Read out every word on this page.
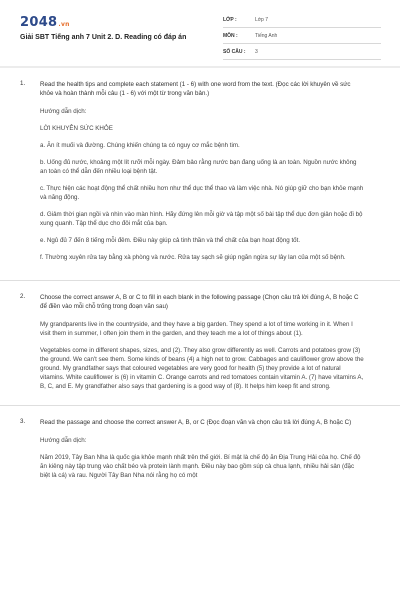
2048.vn
Giải SBT Tiếng anh 7 Unit 2. D. Reading có đáp án
LỚP :	Lớp 7
MÔN :	Tiếng Anh
SỐ CÂU :	3
1. Read the health tips and complete each statement (1 - 6) with one word from the text. (Đọc các lời khuyên về sức khỏe và hoàn thành mỗi câu (1 - 6) với một từ trong văn bản.)
Hướng dẫn dịch:
LỜI KHUYÊN SỨC KHỎE
a. Ăn ít muối và đường. Chúng khiến chúng ta có nguy cơ mắc bệnh tim.
b. Uống đủ nước, khoảng một lít rưỡi mỗi ngày. Đảm bảo rằng nước bạn đang uống là an toàn. Nguồn nước không an toàn có thể dẫn đến nhiều loại bệnh tật.
c. Thực hiện các hoạt động thể chất nhiều hơn như thể dục thể thao và làm việc nhà. Nó giúp giữ cho bạn khỏe mạnh và năng động.
d. Giảm thời gian ngồi và nhìn vào màn hình. Hãy đứng lên mỗi giờ và tập một số bài tập thể dục đơn giản hoặc đi bộ xung quanh. Tập thể dục cho đôi mắt của bạn.
e. Ngủ đủ 7 đến 8 tiếng mỗi đêm. Điều này giúp cả tinh thần và thể chất của bạn hoạt động tốt.
f. Thường xuyên rửa tay bằng xà phòng và nước. Rửa tay sạch sẽ giúp ngăn ngừa sự lây lan của một số bệnh.
2. Choose the correct answer A, B or C to fill in each blank in the following passage (Chọn câu trả lời đúng A, B hoặc C để điền vào mỗi chỗ trống trong đoạn văn sau)
My grandparents live in the countryside, and they have a big garden. They spend a lot of time working in it. When I visit them in summer, I often join them in the garden, and they teach me a lot of things about (1).
Vegetables come in different shapes, sizes, and (2). They also grow differently as well. Carrots and potatoes grow (3) the ground. We can't see them. Some kinds of beans (4) a high net to grow. Cabbages and cauliflower grow above the ground. My grandfather says that coloured vegetables are very good for health (5) they provide a lot of natural vitamins. White cauliflower is (6) in vitamin C. Orange carrots and red tomatoes contain vitamin A. (7) have vitamins A, B, C, and E. My grandfather also says that gardening is a good way of (8). It helps him keep fit and strong.
3. Read the passage and choose the correct answer A, B, or C (Đọc đoạn văn và chọn câu trả lời đúng A, B hoặc C)
Hướng dẫn dịch:
Năm 2019, Tây Ban Nha là quốc gia khỏe mạnh nhất trên thế giới. Bí mật là chế độ ăn Địa Trung Hải của họ. Chế độ ăn kiêng này tập trung vào chất béo và protein lành mạnh. Điều này bao gồm súp cà chua lạnh, nhiều hải sản (đặc biệt là cá) và rau. Người Tây Ban Nha nói rằng họ có một
